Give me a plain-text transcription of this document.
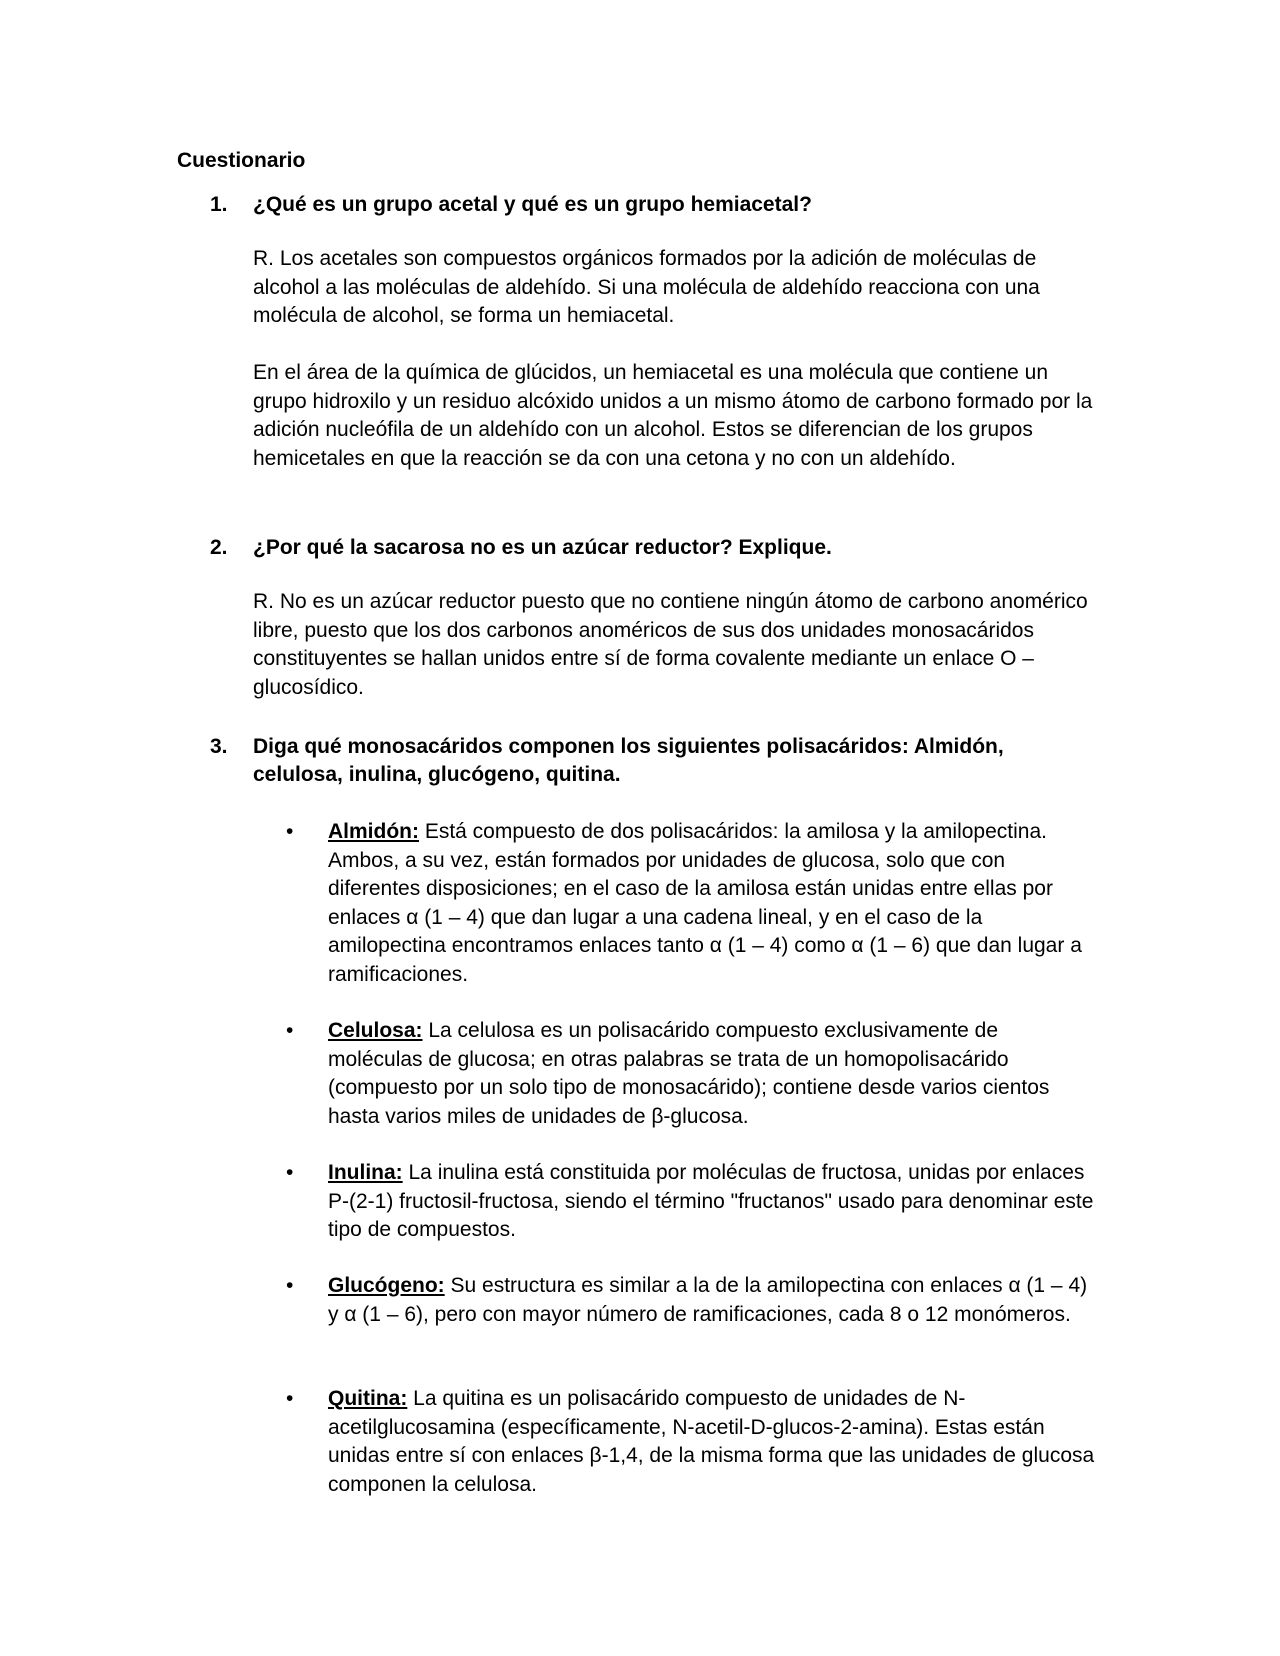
Cuestionario
1. ¿Qué es un grupo acetal y qué es un grupo hemiacetal?

R. Los acetales son compuestos orgánicos formados por la adición de moléculas de alcohol a las moléculas de aldehído. Si una molécula de aldehído reacciona con una molécula de alcohol, se forma un hemiacetal.

En el área de la química de glúcidos, un hemiacetal es una molécula que contiene un grupo hidroxilo y un residuo alcóxido unidos a un mismo átomo de carbono formado por la adición nucleófila de un aldehído con un alcohol. Estos se diferencian de los grupos hemicetales en que la reacción se da con una cetona y no con un aldehído.

2. ¿Por qué la sacarosa no es un azúcar reductor? Explique.

R. No es un azúcar reductor puesto que no contiene ningún átomo de carbono anomérico libre, puesto que los dos carbonos anoméricos de sus dos unidades monosacáridos constituyentes se hallan unidos entre sí de forma covalente mediante un enlace O – glucosídico.

3. Diga qué monosacáridos componen los siguientes polisacáridos: Almidón, celulosa, inulina, glucógeno, quitina.
• Almidón: Está compuesto de dos polisacáridos: la amilosa y la amilopectina. Ambos, a su vez, están formados por unidades de glucosa, solo que con diferentes disposiciones; en el caso de la amilosa están unidas entre ellas por enlaces α (1 – 4) que dan lugar a una cadena lineal, y en el caso de la amilopectina encontramos enlaces tanto α (1 – 4) como α (1 – 6) que dan lugar a ramificaciones.
• Celulosa: La celulosa es un polisacárido compuesto exclusivamente de moléculas de glucosa; en otras palabras se trata de un homopolisacárido (compuesto por un solo tipo de monosacárido); contiene desde varios cientos hasta varios miles de unidades de β-glucosa.
• Inulina: La inulina está constituida por moléculas de fructosa, unidas por enlaces P-(2-1) fructosil-fructosa, siendo el término "fructanos" usado para denominar este tipo de compuestos.
• Glucógeno: Su estructura es similar a la de la amilopectina con enlaces α (1 – 4) y α (1 – 6), pero con mayor número de ramificaciones, cada 8 o 12 monómeros.
• Quitina: La quitina es un polisacárido compuesto de unidades de N-acetilglucosamina (específicamente, N-acetil-D-glucos-2-amina). Estas están unidas entre sí con enlaces β-1,4, de la misma forma que las unidades de glucosa componen la celulosa.
